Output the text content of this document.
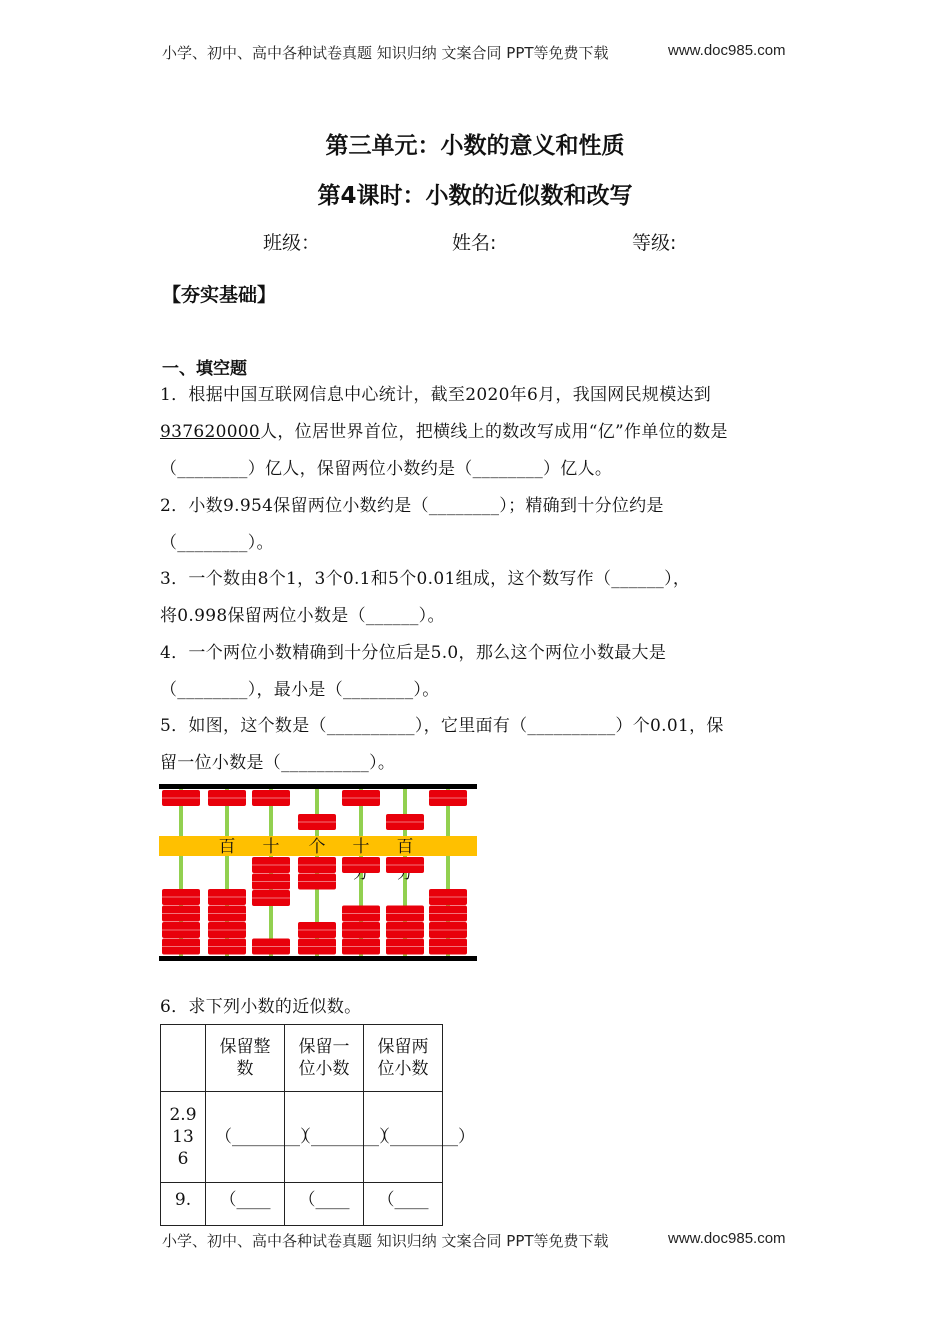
小学、初中、高中各种试卷真题 知识归纳 文案合同 PPT等免费下载	www.doc985.com
第三单元：小数的意义和性质
第4课时：小数的近似数和改写
班级：	姓名:	等级:
【夯实基础】
一、填空题
1．根据中国互联网信息中心统计，截至2020年6月，我国网民规模达到
937620000人，位居世界首位，把横线上的数改写成用“亿”作单位的数是
（________）亿人，保留两位小数约是（________）亿人。
2．小数9.954保留两位小数约是（________）；精确到十分位约是
（________）。
3．一个数由8个1，3个0.1和5个0.01组成，这个数写作（______），
将0.998保留两位小数是（______）。
4．一个两位小数精确到十分位后是5.0，那么这个两位小数最大是
（________），最小是（________）。
5．如图，这个数是（__________），它里面有（__________）个0.01，保
留一位小数是（__________）。
百 十 个 十 百
6．求下列小数的近似数。
	保留整数	保留一位小数	保留两位小数
2.9136	（________）	（________）	（________）
9.	（____	（____	（____
小学、初中、高中各种试卷真题 知识归纳 文案合同 PPT等免费下载	www.doc985.com
